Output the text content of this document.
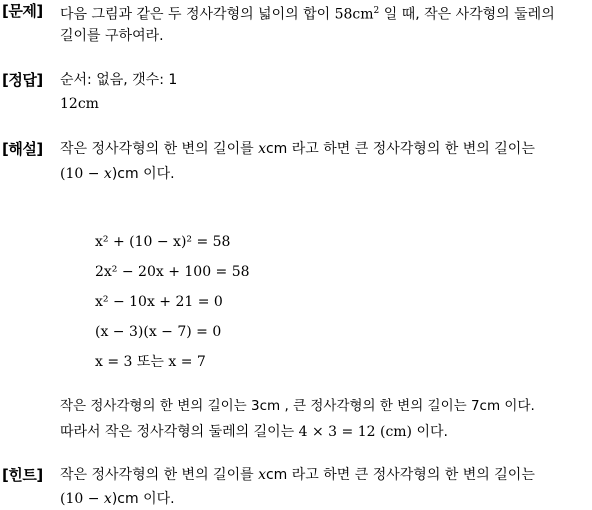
[문제] 다음 그림과 같은 두 정사각형의 넓이의 합이 $58cm^2$ 일 때, 작은 사각형의 둘레의
길이를 구하여라.
[정답] 순서: 없음, 갯수: 1
12cm
[해설] 작은 정사각형의 한 변의 길이를 xcm 라고 하면 큰 정사각형의 한 변의 길이는
(10 − x)cm 이다.
x² + (10 − x)² = 58
2x² − 20x + 100 = 58
x² − 10x + 21 = 0
(x − 3)(x − 7) = 0
x = 3 또는 x = 7
작은 정사각형의 한 변의 길이는 3cm , 큰 정사각형의 한 변의 길이는 7cm 이다.
따라서 작은 정사각형의 둘레의 길이는 4 × 3 = 12 (cm) 이다.
[힌트] 작은 정사각형의 한 변의 길이를 xcm 라고 하면 큰 정사각형의 한 변의 길이는
(10 − x)cm 이다.
